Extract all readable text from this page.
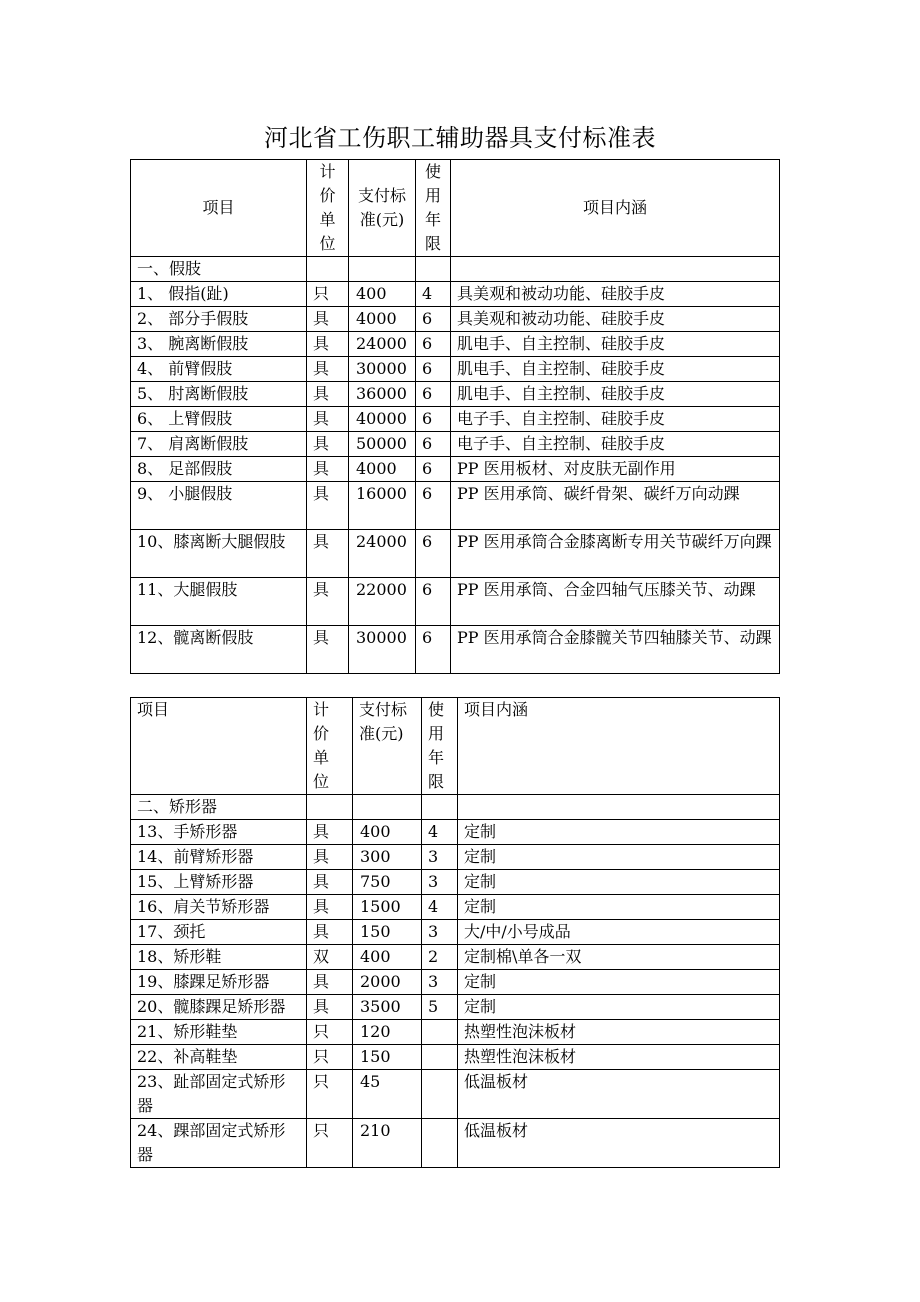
河北省工伤职工辅助器具支付标准表
项目	计价单位	支付标准(元)	使用年限	项目内涵
一、假肢				
1、 假指(趾)	只	400	4	具美观和被动功能、硅胶手皮
2、 部分手假肢	具	4000	6	具美观和被动功能、硅胶手皮
3、 腕离断假肢	具	24000	6	肌电手、自主控制、硅胶手皮
4、 前臂假肢	具	30000	6	肌电手、自主控制、硅胶手皮
5、 肘离断假肢	具	36000	6	肌电手、自主控制、硅胶手皮
6、 上臂假肢	具	40000	6	电子手、自主控制、硅胶手皮
7、 肩离断假肢	具	50000	6	电子手、自主控制、硅胶手皮
8、 足部假肢	具	4000	6	PP 医用板材、对皮肤无副作用
9、 小腿假肢	具	16000	6	PP 医用承筒、碳纤骨架、碳纤万向动踝
10、膝离断大腿假肢	具	24000	6	PP 医用承筒合金膝离断专用关节碳纤万向踝
11、大腿假肢	具	22000	6	PP 医用承筒、合金四轴气压膝关节、动踝
12、髋离断假肢	具	30000	6	PP 医用承筒合金膝髋关节四轴膝关节、动踝
项目	计价单位	支付标准(元)	使用年限	项目内涵
二、矫形器				
13、手矫形器	具	400	4	定制
14、前臂矫形器	具	300	3	定制
15、上臂矫形器	具	750	3	定制
16、肩关节矫形器	具	1500	4	定制
17、颈托	具	150	3	大/中/小号成品
18、矫形鞋	双	400	2	定制棉\单各一双
19、膝踝足矫形器	具	2000	3	定制
20、髋膝踝足矫形器	具	3500	5	定制
21、矫形鞋垫	只	120		热塑性泡沫板材
22、补高鞋垫	只	150		热塑性泡沫板材
23、趾部固定式矫形器	只	45		低温板材
24、踝部固定式矫形器	只	210		低温板材
